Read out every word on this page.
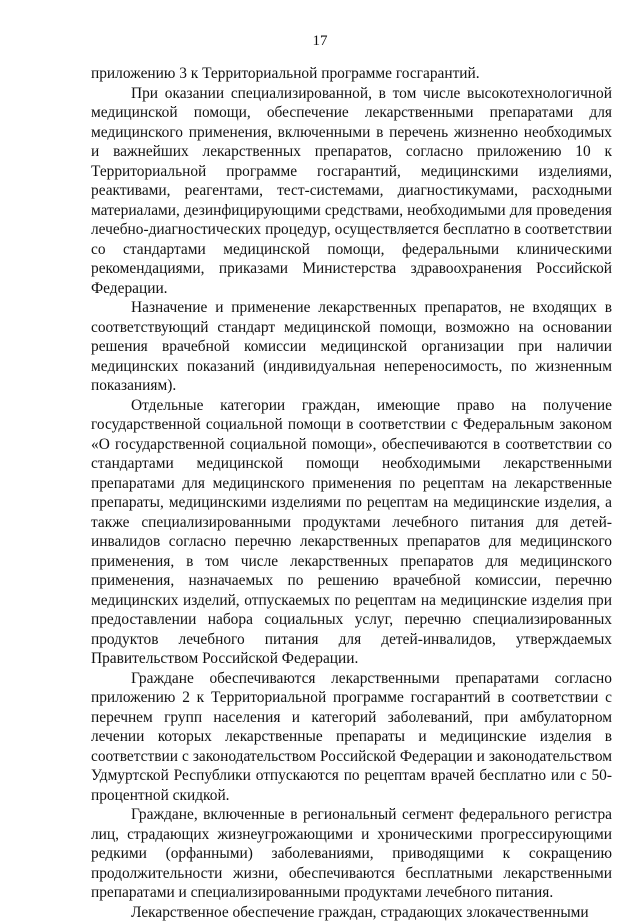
17

приложению 3 к Территориальной программе госгарантий.

При оказании специализированной, в том числе высокотехнологичной медицинской помощи, обеспечение лекарственными препаратами для медицинского применения, включенными в перечень жизненно необходимых и важнейших лекарственных препаратов, согласно приложению 10 к Территориальной программе госгарантий, медицинскими изделиями, реактивами, реагентами, тест-системами, диагностикумами, расходными материалами, дезинфицирующими средствами, необходимыми для проведения лечебно-диагностических процедур, осуществляется бесплатно в соответствии со стандартами медицинской помощи, федеральными клиническими рекомендациями, приказами Министерства здравоохранения Российской Федерации.

Назначение и применение лекарственных препаратов, не входящих в соответствующий стандарт медицинской помощи, возможно на основании решения врачебной комиссии медицинской организации при наличии медицинских показаний (индивидуальная непереносимость, по жизненным показаниям).

Отдельные категории граждан, имеющие право на получение государственной социальной помощи в соответствии с Федеральным законом «О государственной социальной помощи», обеспечиваются в соответствии со стандартами медицинской помощи необходимыми лекарственными препаратами для медицинского применения по рецептам на лекарственные препараты, медицинскими изделиями по рецептам на медицинские изделия, а также специализированными продуктами лечебного питания для детей-инвалидов согласно перечню лекарственных препаратов для медицинского применения, в том числе лекарственных препаратов для медицинского применения, назначаемых по решению врачебной комиссии, перечню медицинских изделий, отпускаемых по рецептам на медицинские изделия при предоставлении набора социальных услуг, перечню специализированных продуктов лечебного питания для детей-инвалидов, утверждаемых Правительством Российской Федерации.

Граждане обеспечиваются лекарственными препаратами согласно приложению 2 к Территориальной программе госгарантий в соответствии с перечнем групп населения и категорий заболеваний, при амбулаторном лечении которых лекарственные препараты и медицинские изделия в соответствии с законодательством Российской Федерации и законодательством Удмуртской Республики отпускаются по рецептам врачей бесплатно или с 50-процентной скидкой.

Граждане, включенные в региональный сегмент федерального регистра лиц, страдающих жизнеугрожающими и хроническими прогрессирующими редкими (орфанными) заболеваниями, приводящими к сокращению продолжительности жизни, обеспечиваются бесплатными лекарственными препаратами и специализированными продуктами лечебного питания.

Лекарственное обеспечение граждан, страдающих злокачественными
